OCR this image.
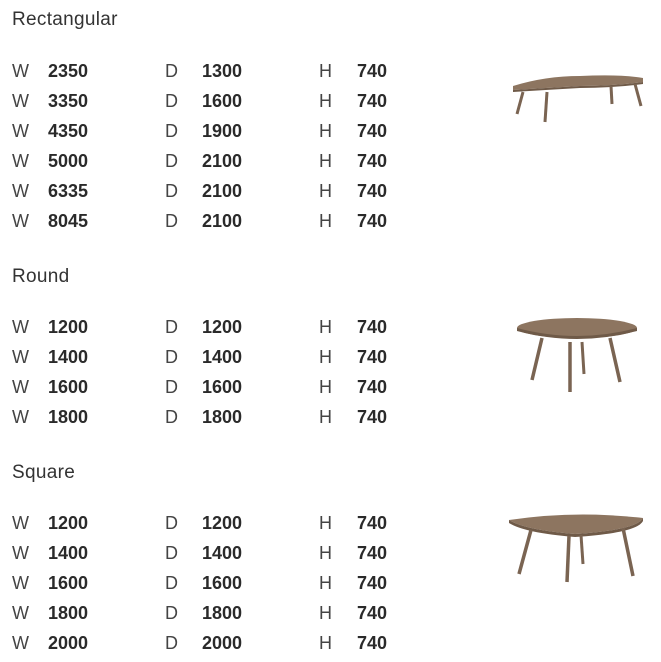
Rectangular
W 2350	D 1300	H 740
W 3350	D 1600	H 740
W 4350	D 1900	H 740
W 5000	D 2100	H 740
W 6335	D 2100	H 740
W 8045	D 2100	H 740
Round
W 1200	D 1200	H 740
W 1400	D 1400	H 740
W 1600	D 1600	H 740
W 1800	D 1800	H 740
Square
W 1200	D 1200	H 740
W 1400	D 1400	H 740
W 1600	D 1600	H 740
W 1800	D 1800	H 740
W 2000	D 2000	H 740
